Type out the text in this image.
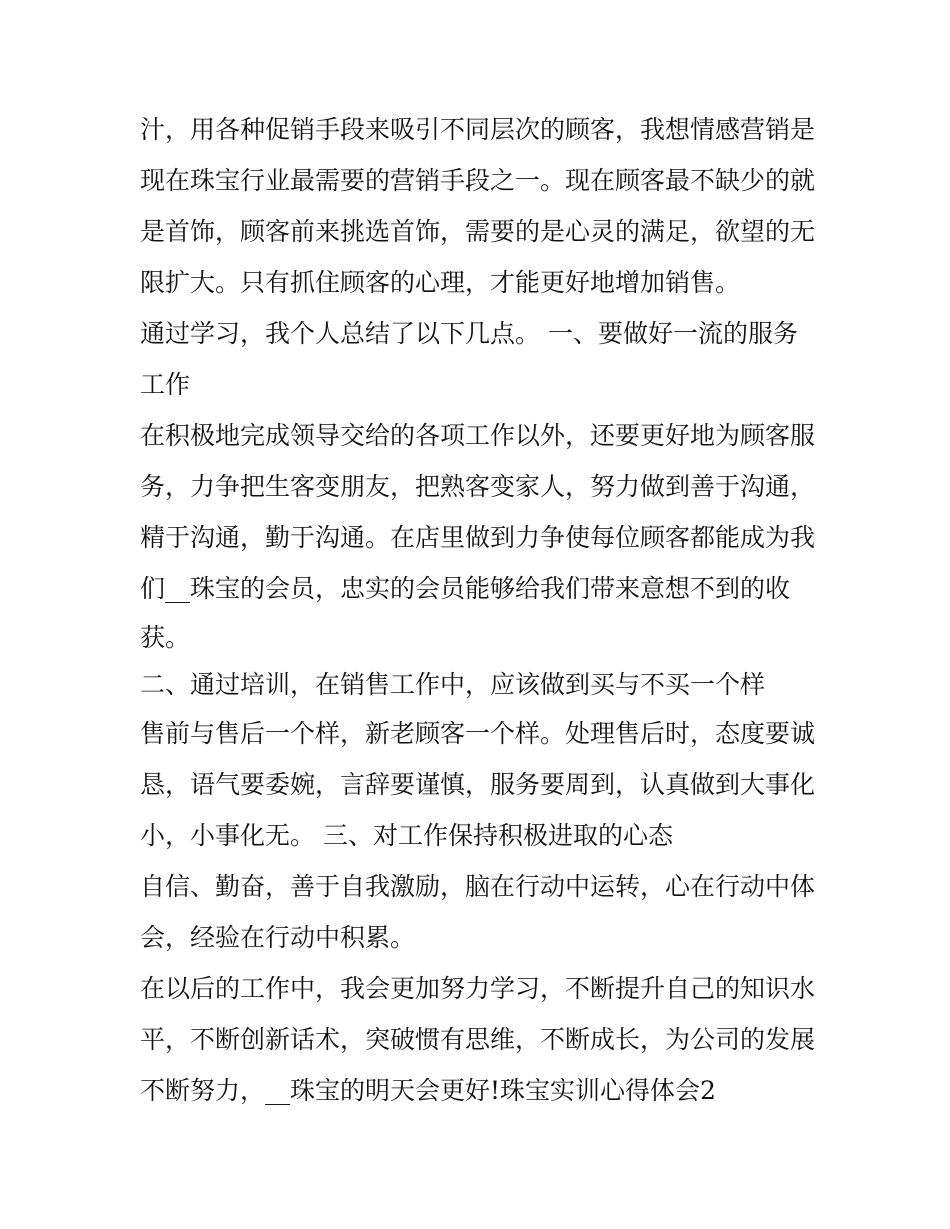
汁，用各种促销手段来吸引不同层次的顾客，我想情感营销是
现在珠宝行业最需要的营销手段之一。现在顾客最不缺少的就
是首饰，顾客前来挑选首饰，需要的是心灵的满足，欲望的无
限扩大。只有抓住顾客的心理，才能更好地增加销售。
通过学习，我个人总结了以下几点。 一、要做好一流的服务
工作
在积极地完成领导交给的各项工作以外，还要更好地为顾客服
务，力争把生客变朋友，把熟客变家人，努力做到善于沟通，
精于沟通，勤于沟通。在店里做到力争使每位顾客都能成为我
们__珠宝的会员，忠实的会员能够给我们带来意想不到的收
获。
二、通过培训，在销售工作中，应该做到买与不买一个样
售前与售后一个样，新老顾客一个样。处理售后时，态度要诚
恳，语气要委婉，言辞要谨慎，服务要周到，认真做到大事化
小，小事化无。 三、对工作保持积极进取的心态
自信、勤奋，善于自我激励，脑在行动中运转，心在行动中体
会，经验在行动中积累。
在以后的工作中，我会更加努力学习，不断提升自己的知识水
平，不断创新话术，突破惯有思维，不断成长，为公司的发展
不断努力，__珠宝的明天会更好!珠宝实训心得体会2
